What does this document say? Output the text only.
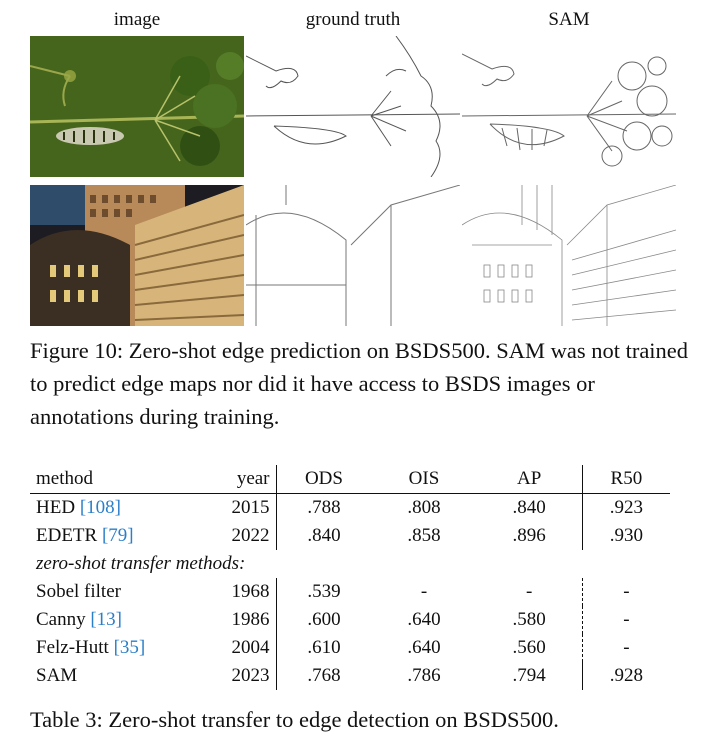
image	ground truth	SAM
Figure 10: Zero-shot edge prediction on BSDS500. SAM was not trained to predict edge maps nor did it have access to BSDS images or annotations during training.
method	year	ODS	OIS	AP	R50
HED [108]	2015	.788	.808	.840	.923
EDETR [79]	2022	.840	.858	.896	.930
zero-shot transfer methods:					
Sobel filter	1968	.539	-	-	-
Canny [13]	1986	.600	.640	.580	-
Felz-Hutt [35]	2004	.610	.640	.560	-
SAM	2023	.768	.786	.794	.928
Table 3: Zero-shot transfer to edge detection on BSDS500.
